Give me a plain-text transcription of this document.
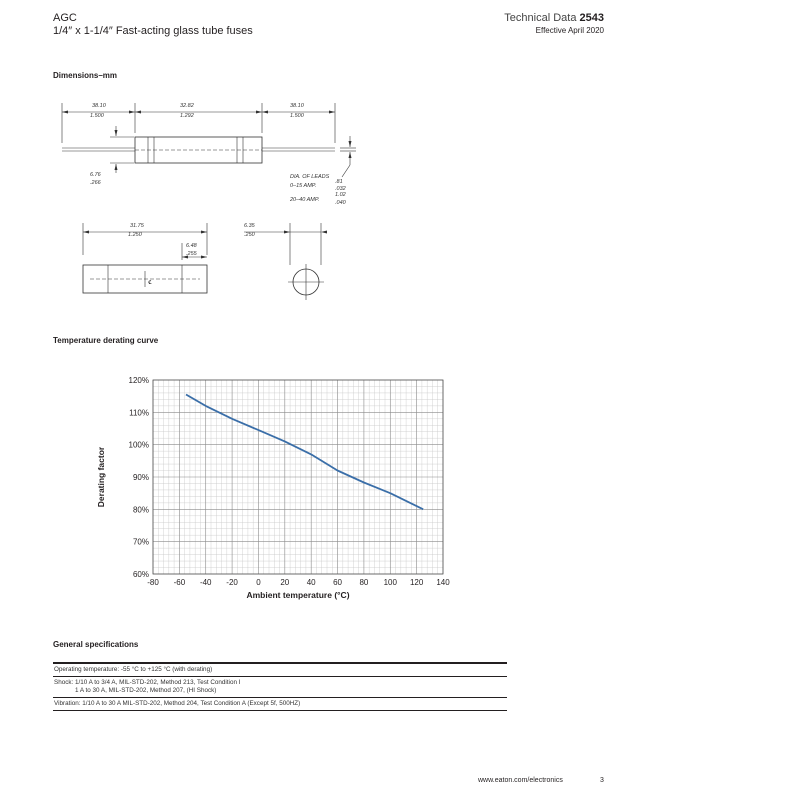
AGC
1/4″ x 1-1/4″ Fast-acting glass tube fuses
Technical Data 2543
Effective April 2020
Dimensions–mm
38.10
1.500
32.82
1.292
38.10
1.500
6.76
.266
DIA. OF LEADS
0–15 AMP.
.81
.032
20–40 AMP.
1.02
.040
31.75
1.250
6.48
.255
6.35
.250
℄
Temperature derating curve
-80 -60 -40 -20 0 20 40 60 80 100 120 140
60%
70%
80%
90%
100%
110%
120%
Ambient temperature (°C)
Derating factor
General specifications
Operating temperature: -55 °C to +125 °C (with derating)
Shock: 1/10 A to 3/4 A, MIL-STD-202, Method 213, Test Condition I
1 A to 30 A, MIL-STD-202, Method 207, (HI Shock)
Vibration: 1/10 A to 30 A MIL-STD-202, Method 204, Test Condition A (Except 5f, 500HZ)
www.eaton.com/electronics	3
